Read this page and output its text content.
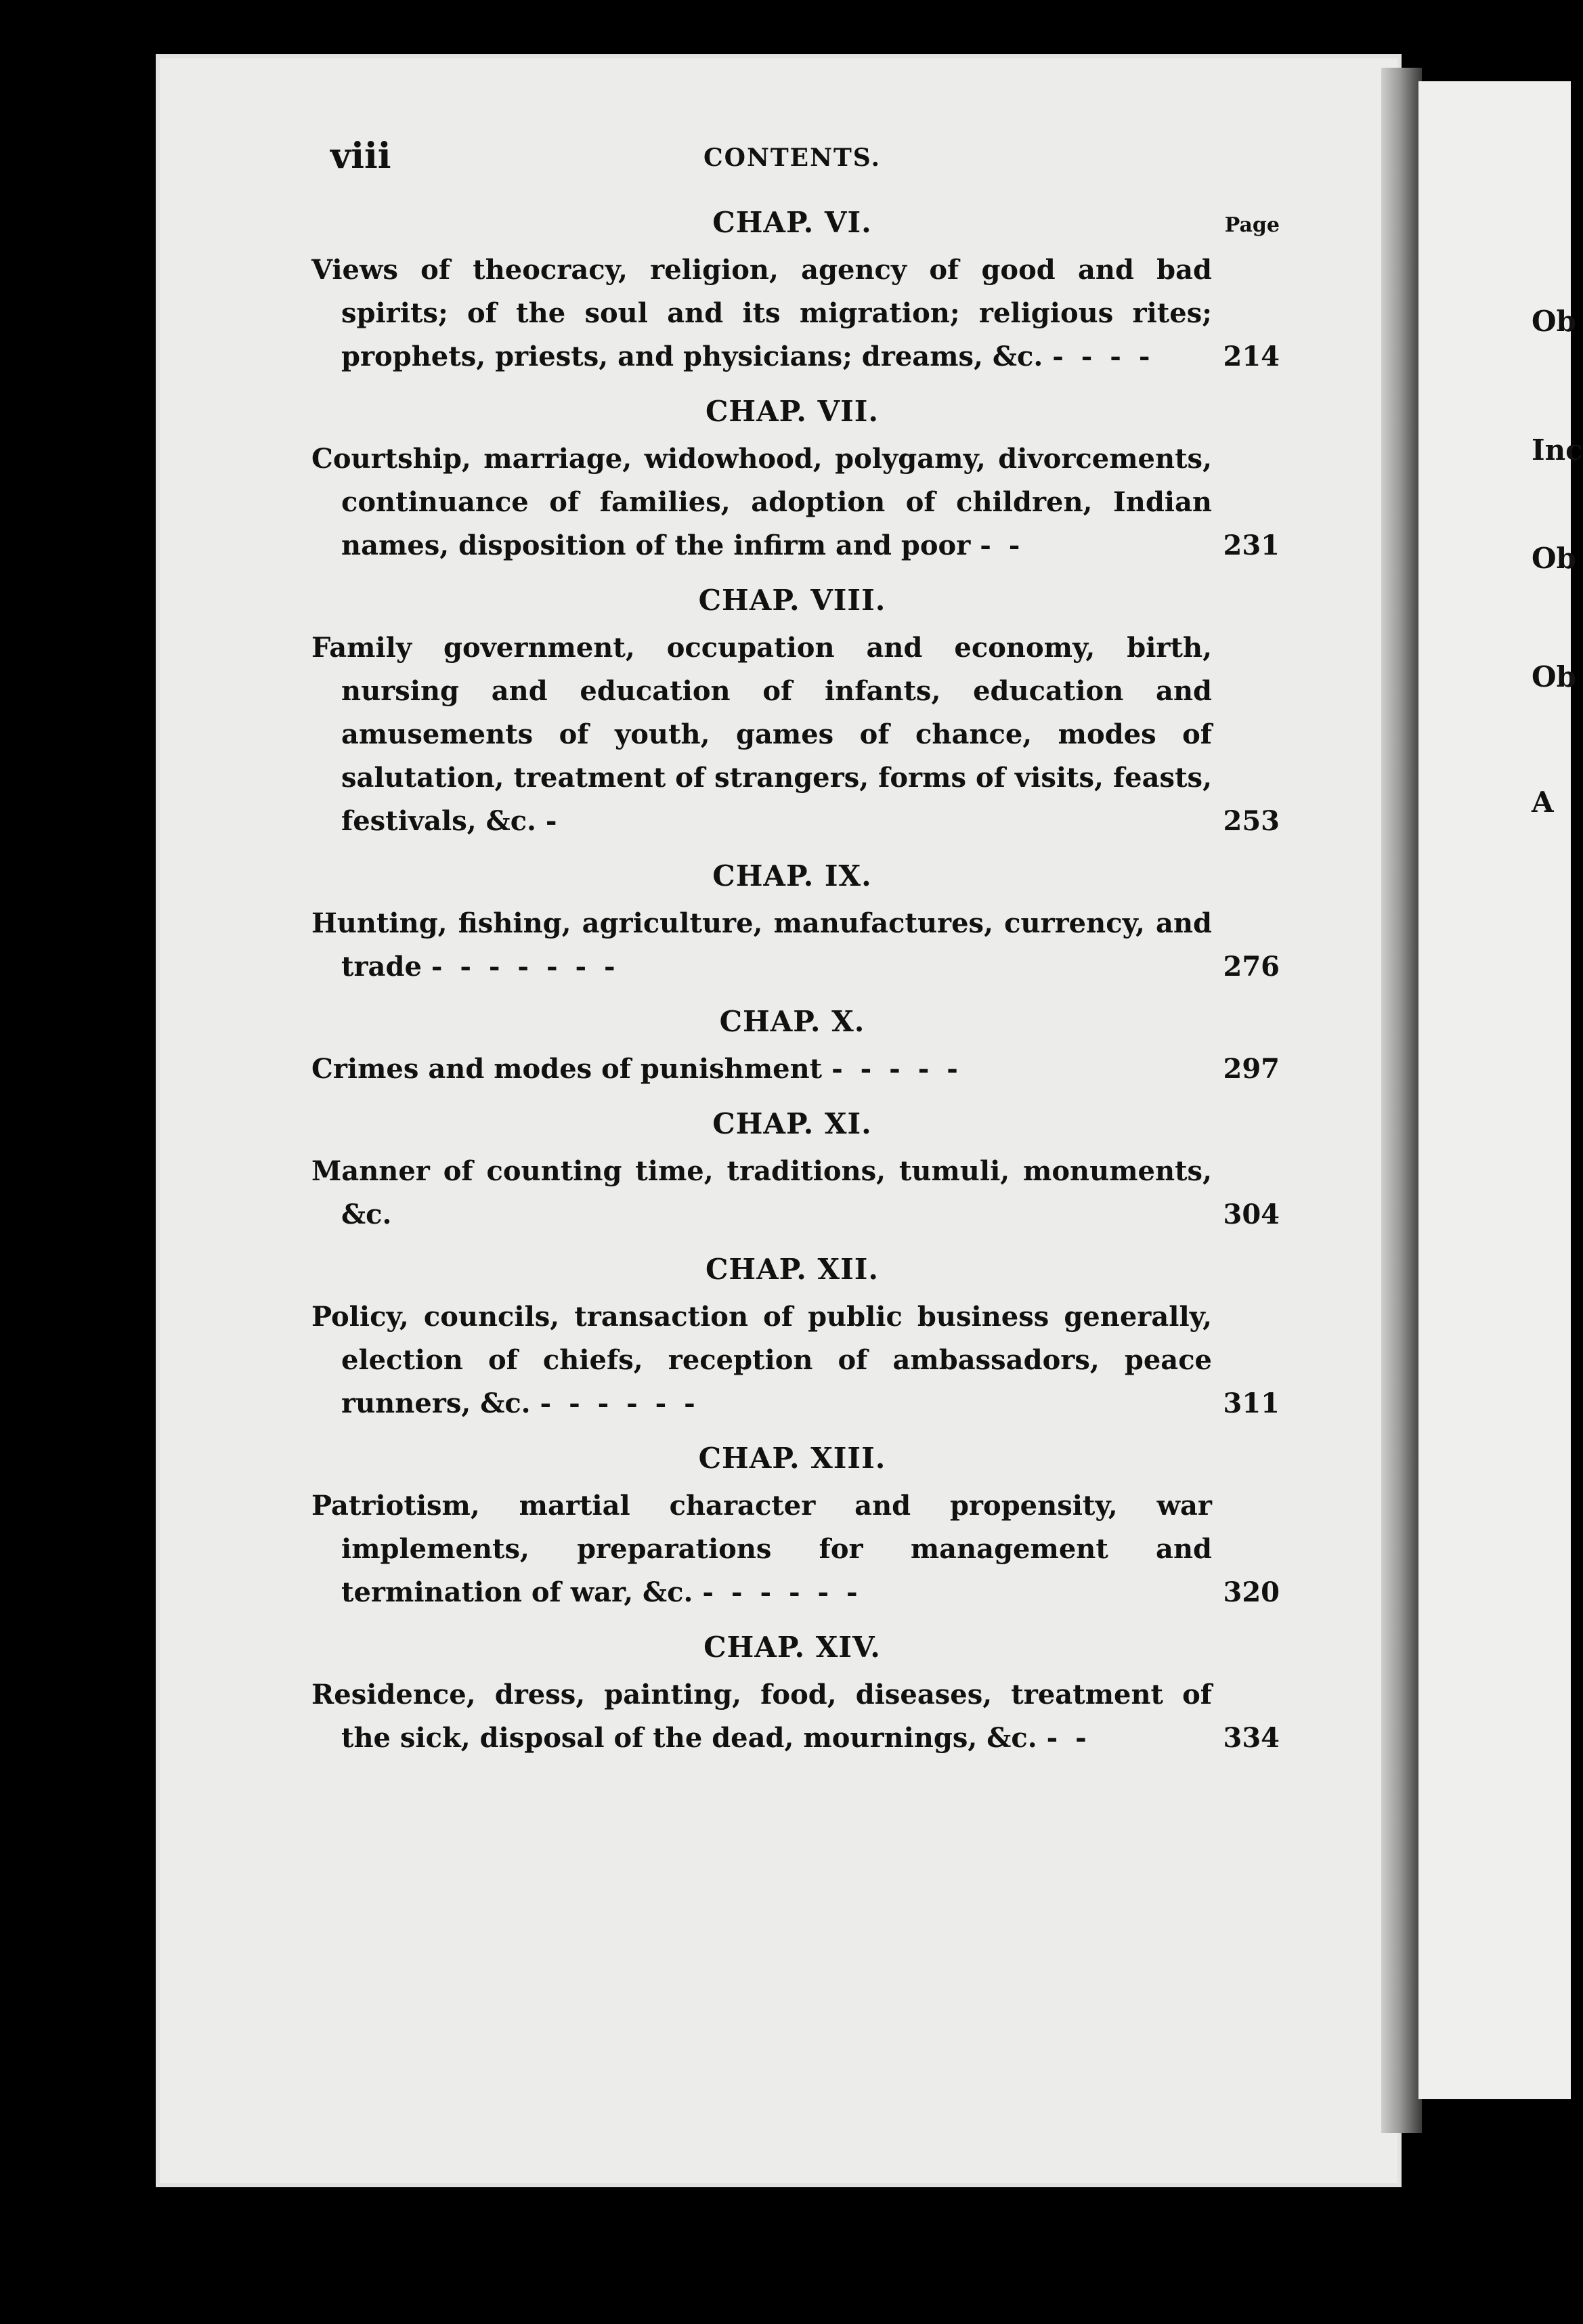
Ob
Inc
Ob
Ob
A
viii	CONTENTS.
Page
CHAP. VI.
Views of theocracy, religion, agency of good and bad spirits; of the soul and its migration; religious rites; prophets, priests, and physicians; dreams, &c. - - - -	214
CHAP. VII.
Courtship, marriage, widowhood, polygamy, divorcements, continuance of families, adoption of children, Indian names, disposition of the infirm and poor - -	231
CHAP. VIII.
Family government, occupation and economy, birth, nursing and education of infants, education and amusements of youth, games of chance, modes of salutation, treatment of strangers, forms of visits, feasts, festivals, &c. -	253
CHAP. IX.
Hunting, fishing, agriculture, manufactures, currency, and trade - - - - - - -	276
CHAP. X.
Crimes and modes of punishment - - - - -	297
CHAP. XI.
Manner of counting time, traditions, tumuli, monuments, &c.	304
CHAP. XII.
Policy, councils, transaction of public business generally, election of chiefs, reception of ambassadors, peace runners, &c. - - - - - -	311
CHAP. XIII.
Patriotism, martial character and propensity, war implements, preparations for management and termination of war, &c. - - - - - -	320
CHAP. XIV.
Residence, dress, painting, food, diseases, treatment of the sick, disposal of the dead, mournings, &c. - -	334
